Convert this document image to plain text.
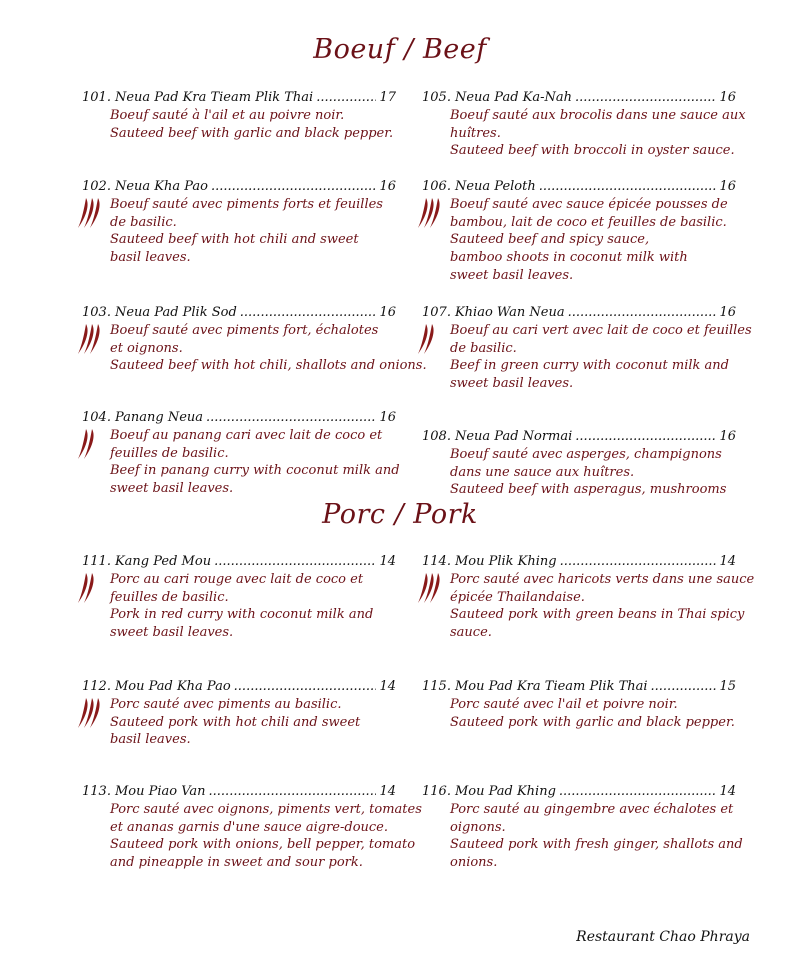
Boeuf / Beef
Porc / Pork
101. Neua Pad Kra Tieam Plik Thai .....	17
Boeuf sauté à l'ail et au poivre noir.
Sauteed beef with garlic and black pepper.
105. Neua Pad Ka-Nah .....	16
Boeuf sauté aux brocolis dans une sauce aux
huîtres.
Sauteed beef with broccoli in oyster sauce.
102. Neua Kha Pao .....	16
Boeuf sauté avec piments forts et feuilles
de basilic.
Sauteed beef with hot chili and sweet
basil leaves.
106. Neua Peloth .....	16
Boeuf sauté avec sauce épicée pousses de
bambou, lait de coco et feuilles de basilic.
Sauteed beef and spicy sauce,
bamboo shoots in coconut milk with
sweet basil leaves.
103. Neua Pad Plik Sod .....	16
Boeuf sauté avec piments fort, échalotes
et oignons.
Sauteed beef with hot chili, shallots and onions.
107. Khiao Wan Neua .....	16
Boeuf au cari vert avec lait de coco et feuilles
de basilic.
Beef in green curry with coconut milk and
sweet basil leaves.
104. Panang Neua .....	16
Boeuf au panang cari avec lait de coco et
feuilles de basilic.
Beef in panang curry with coconut milk and
sweet basil leaves.
108. Neua Pad Normai .....	16
Boeuf sauté avec asperges, champignons
dans une sauce aux huîtres.
Sauteed beef with asperagus, mushrooms
111. Kang Ped Mou .....	14
Porc au cari rouge avec lait de coco et
feuilles de basilic.
Pork in red curry with coconut milk and
sweet basil leaves.
114. Mou Plik Khing .....	14
Porc sauté avec haricots verts dans une sauce
épicée Thailandaise.
Sauteed pork with green beans in Thai spicy
sauce.
112. Mou Pad Kha Pao .....	14
Porc sauté avec piments au basilic.
Sauteed pork with hot chili and sweet
basil leaves.
115. Mou Pad Kra Tieam Plik Thai .....	15
Porc sauté avec l'ail et poivre noir.
Sauteed pork with garlic and black pepper.
113. Mou Piao Van .....	14
Porc sauté avec oignons, piments vert, tomates
et ananas garnis d'une sauce aigre-douce.
Sauteed pork with onions, bell pepper, tomato
and pineapple in sweet and sour pork.
116. Mou Pad Khing .....	14
Porc sauté au gingembre avec échalotes et
oignons.
Sauteed pork with fresh ginger, shallots and
onions.
Restaurant Chao Phraya
